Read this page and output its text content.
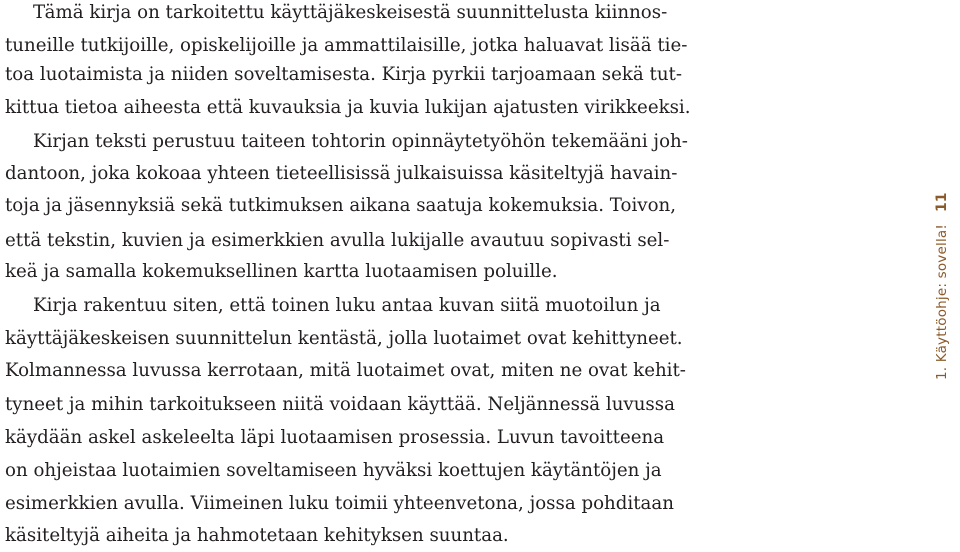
Tämä kirja on tarkoitettu käyttäjäkeskeisestä suunnittelusta kiinnos-
tuneille tutkijoille, opiskelijoille ja ammattilaisille, jotka haluavat lisää tie-
toa luotaimista ja niiden soveltamisesta. Kirja pyrkii tarjoamaan sekä tut-
kittua tietoa aiheesta että kuvauksia ja kuvia lukijan ajatusten virikkeeksi.
Kirjan teksti perustuu taiteen tohtorin opinnäytetyöhön tekemääni joh-
dantoon, joka kokoaa yhteen tieteellisissä julkaisuissa käsiteltyjä havain-
toja ja jäsennyksiä sekä tutkimuksen aikana saatuja kokemuksia. Toivon,
että tekstin, kuvien ja esimerkkien avulla lukijalle avautuu sopivasti sel-
keä ja samalla kokemuksellinen kartta luotaamisen poluille.
Kirja rakentuu siten, että toinen luku antaa kuvan siitä muotoilun ja
käyttäjäkeskeisen suunnittelun kentästä, jolla luotaimet ovat kehittyneet.
Kolmannessa luvussa kerrotaan, mitä luotaimet ovat, miten ne ovat kehit-
tyneet ja mihin tarkoitukseen niitä voidaan käyttää. Neljännessä luvussa
käydään askel askeleelta läpi luotaamisen prosessia. Luvun tavoitteena
on ohjeistaa luotaimien soveltamiseen hyväksi koettujen käytäntöjen ja
esimerkkien avulla. Viimeinen luku toimii yhteenvetona, jossa pohditaan
käsiteltyjä aiheita ja hahmotetaan kehityksen suuntaa.
1. Käyttöohje: sovella!
11
